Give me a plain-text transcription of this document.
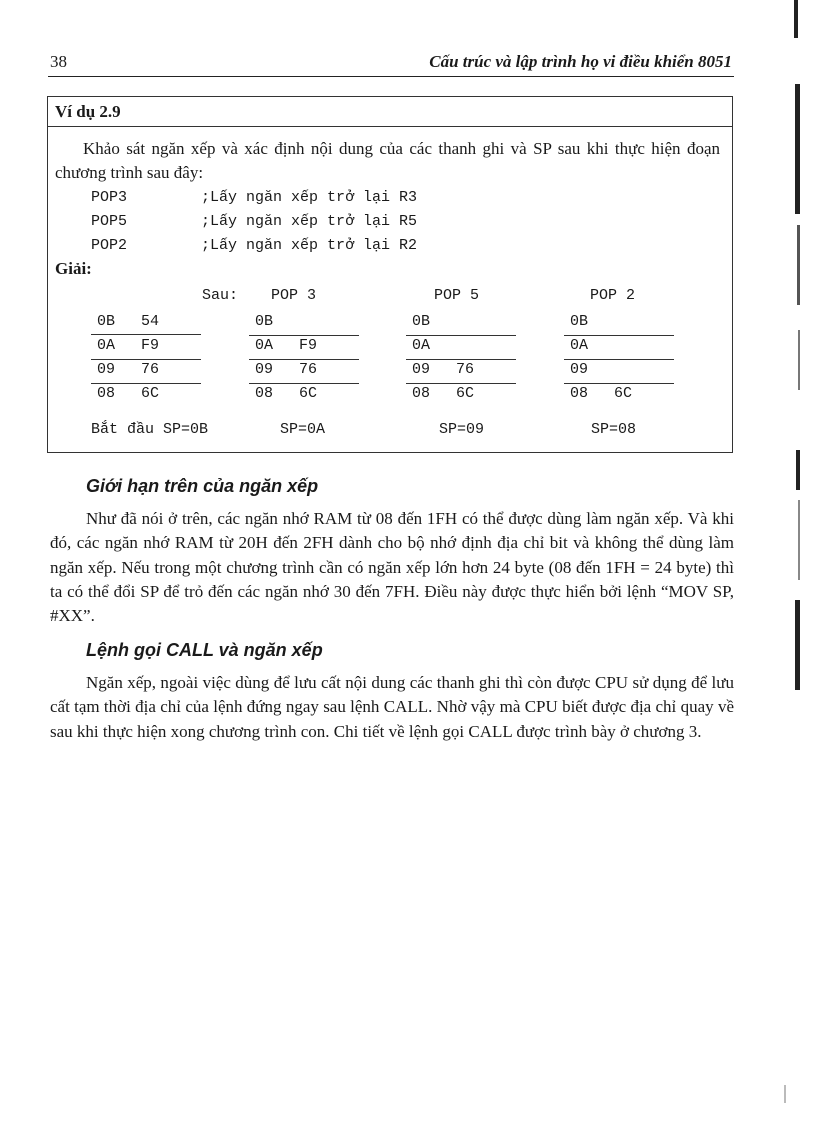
38	Cấu trúc và lập trình họ vi điều khiển 8051
Ví dụ 2.9

Khảo sát ngăn xếp và xác định nội dung của các thanh ghi và SP sau khi thực hiện đoạn chương trình sau đây:

POP3	;Lấy ngăn xếp trở lại R3
POP5	;Lấy ngăn xếp trở lại R5
POP2	;Lấy ngăn xếp trở lại R2
Giải:
Sau:
0B 54
0A F9
09 76
08 6C
Bắt đầu SP=0B
POP 3
0B
0A F9
09 76
08 6C
SP=0A
POP 5
0B
0A
09 76
08 6C
SP=09
POP 2
0B
0A
09
08 6C
SP=08
Giới hạn trên của ngăn xếp

Như đã nói ở trên, các ngăn nhớ RAM từ 08 đến 1FH có thể được dùng làm ngăn xếp. Và khi đó, các ngăn nhớ RAM từ 20H đến 2FH dành cho bộ nhớ định địa chỉ bit và không thể dùng làm ngăn xếp. Nếu trong một chương trình cần có ngăn xếp lớn hơn 24 byte (08 đến 1FH = 24 byte) thì ta có thể đổi SP để trỏ đến các ngăn nhớ 30 đến 7FH. Điều này được thực hiển bởi lệnh “MOV SP, #XX”.

Lệnh gọi CALL và ngăn xếp

Ngăn xếp, ngoài việc dùng để lưu cất nội dung các thanh ghi thì còn được CPU sử dụng để lưu cất tạm thời địa chỉ của lệnh đứng ngay sau lệnh CALL. Nhờ vậy mà CPU biết được địa chỉ quay về sau khi thực hiện xong chương trình con. Chi tiết về lệnh gọi CALL được trình bày ở chương 3.
